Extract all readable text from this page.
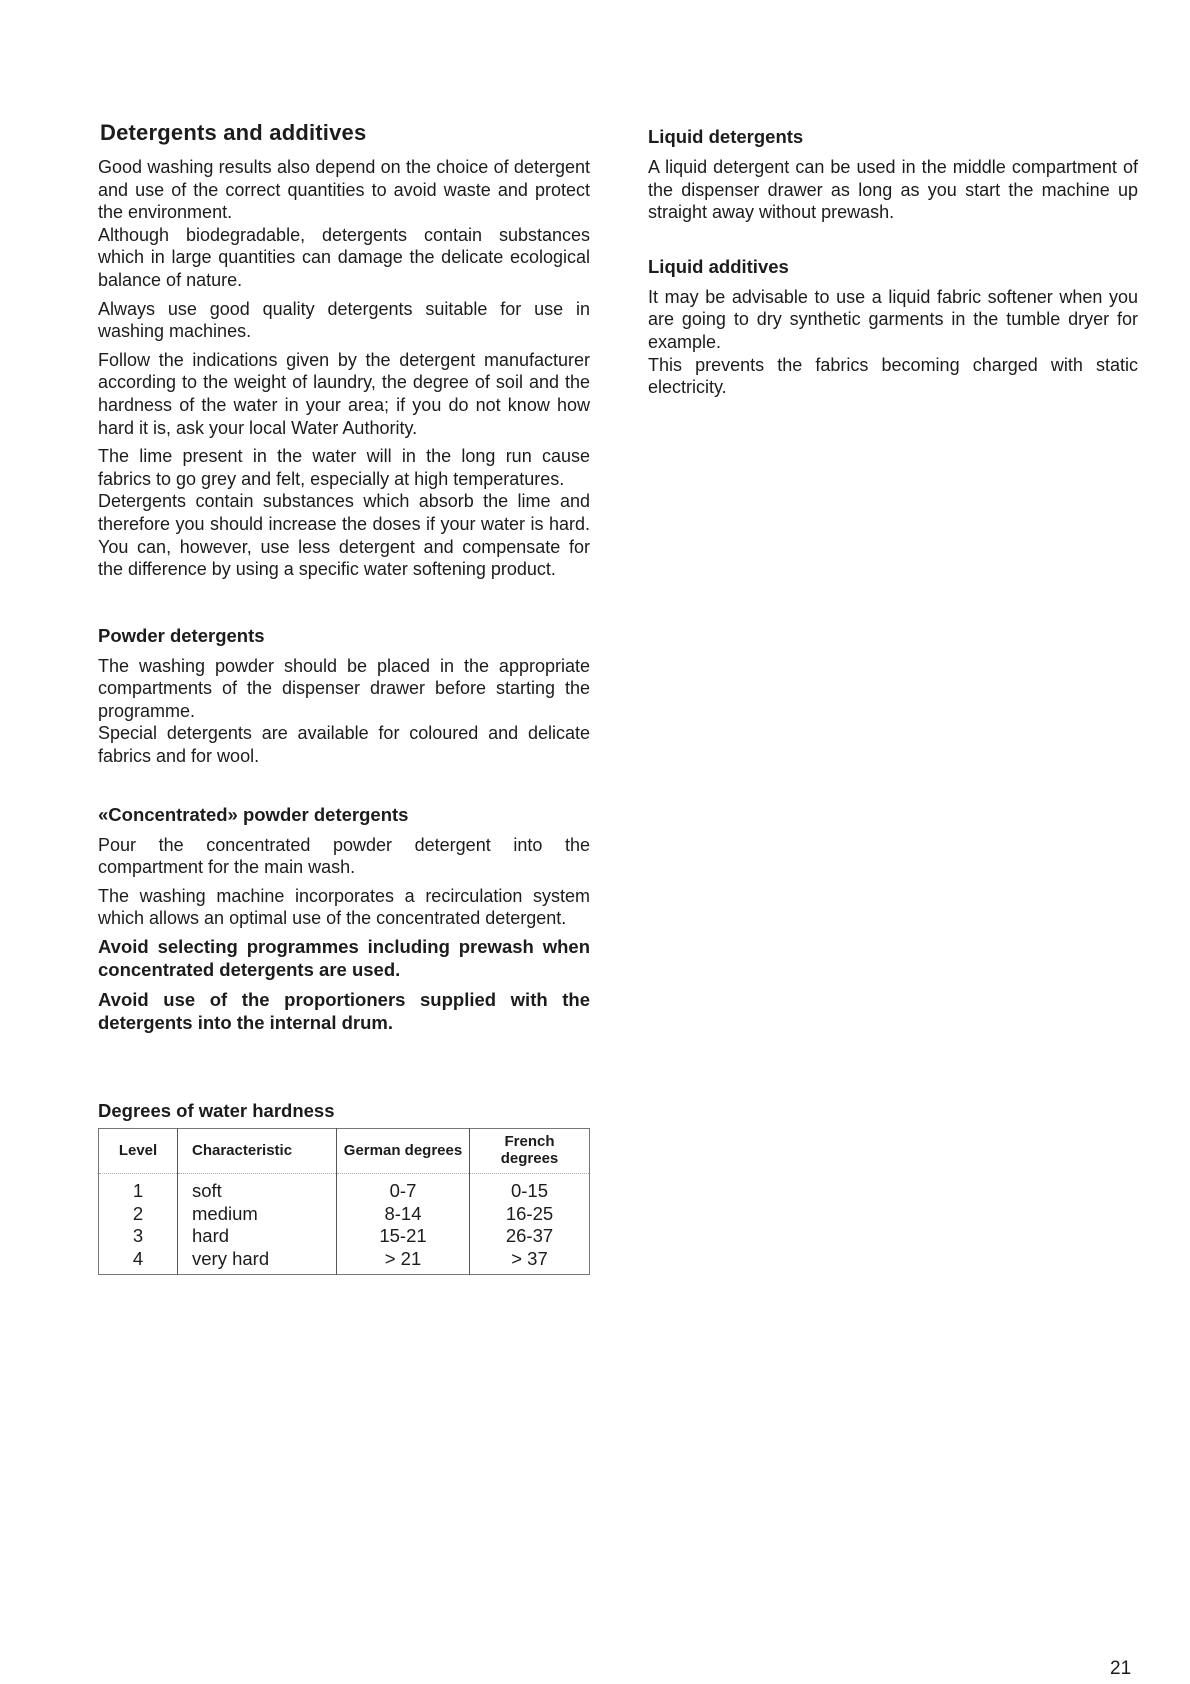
Detergents and additives

Good washing results also depend on the choice of detergent and use of the correct quantities to avoid waste and protect the environment.

Although biodegradable, detergents contain substances which in large quantities can damage the delicate ecological balance of nature.

Always use good quality detergents suitable for use in washing machines.

Follow the indications given by the detergent manufacturer according to the weight of laundry, the degree of soil and the hardness of the water in your area; if you do not know how hard it is, ask your local Water Authority.

The lime present in the water will in the long run cause fabrics to go grey and felt, especially at high temperatures.

Detergents contain substances which absorb the lime and therefore you should increase the doses if your water is hard. You can, however, use less detergent and compensate for the difference by using a specific water softening product.

Powder detergents

The washing powder should be placed in the appropriate compartments of the dispenser drawer before starting the programme.

Special detergents are available for coloured and delicate fabrics and for wool.

«Concentrated» powder detergents

Pour the concentrated powder detergent into the compartment for the main wash.

The washing machine incorporates a recirculation system which allows an optimal use of the concentrated detergent.

Avoid selecting programmes including prewash when concentrated detergents are used.

Avoid use of the proportioners supplied with the detergents into the internal drum.

Degrees of water hardness
Level	Characteristic	German degrees	French degrees
1	soft	0-7	0-15
2	medium	8-14	16-25
3	hard	15-21	26-37
4	very hard	> 21	> 37
Liquid detergents

A liquid detergent can be used in the middle compartment of the dispenser drawer as long as you start the machine up straight away without prewash.

Liquid additives

It may be advisable to use a liquid fabric softener when you are going to dry synthetic garments in the tumble dryer for example.

This prevents the fabrics becoming charged with static electricity.

21
